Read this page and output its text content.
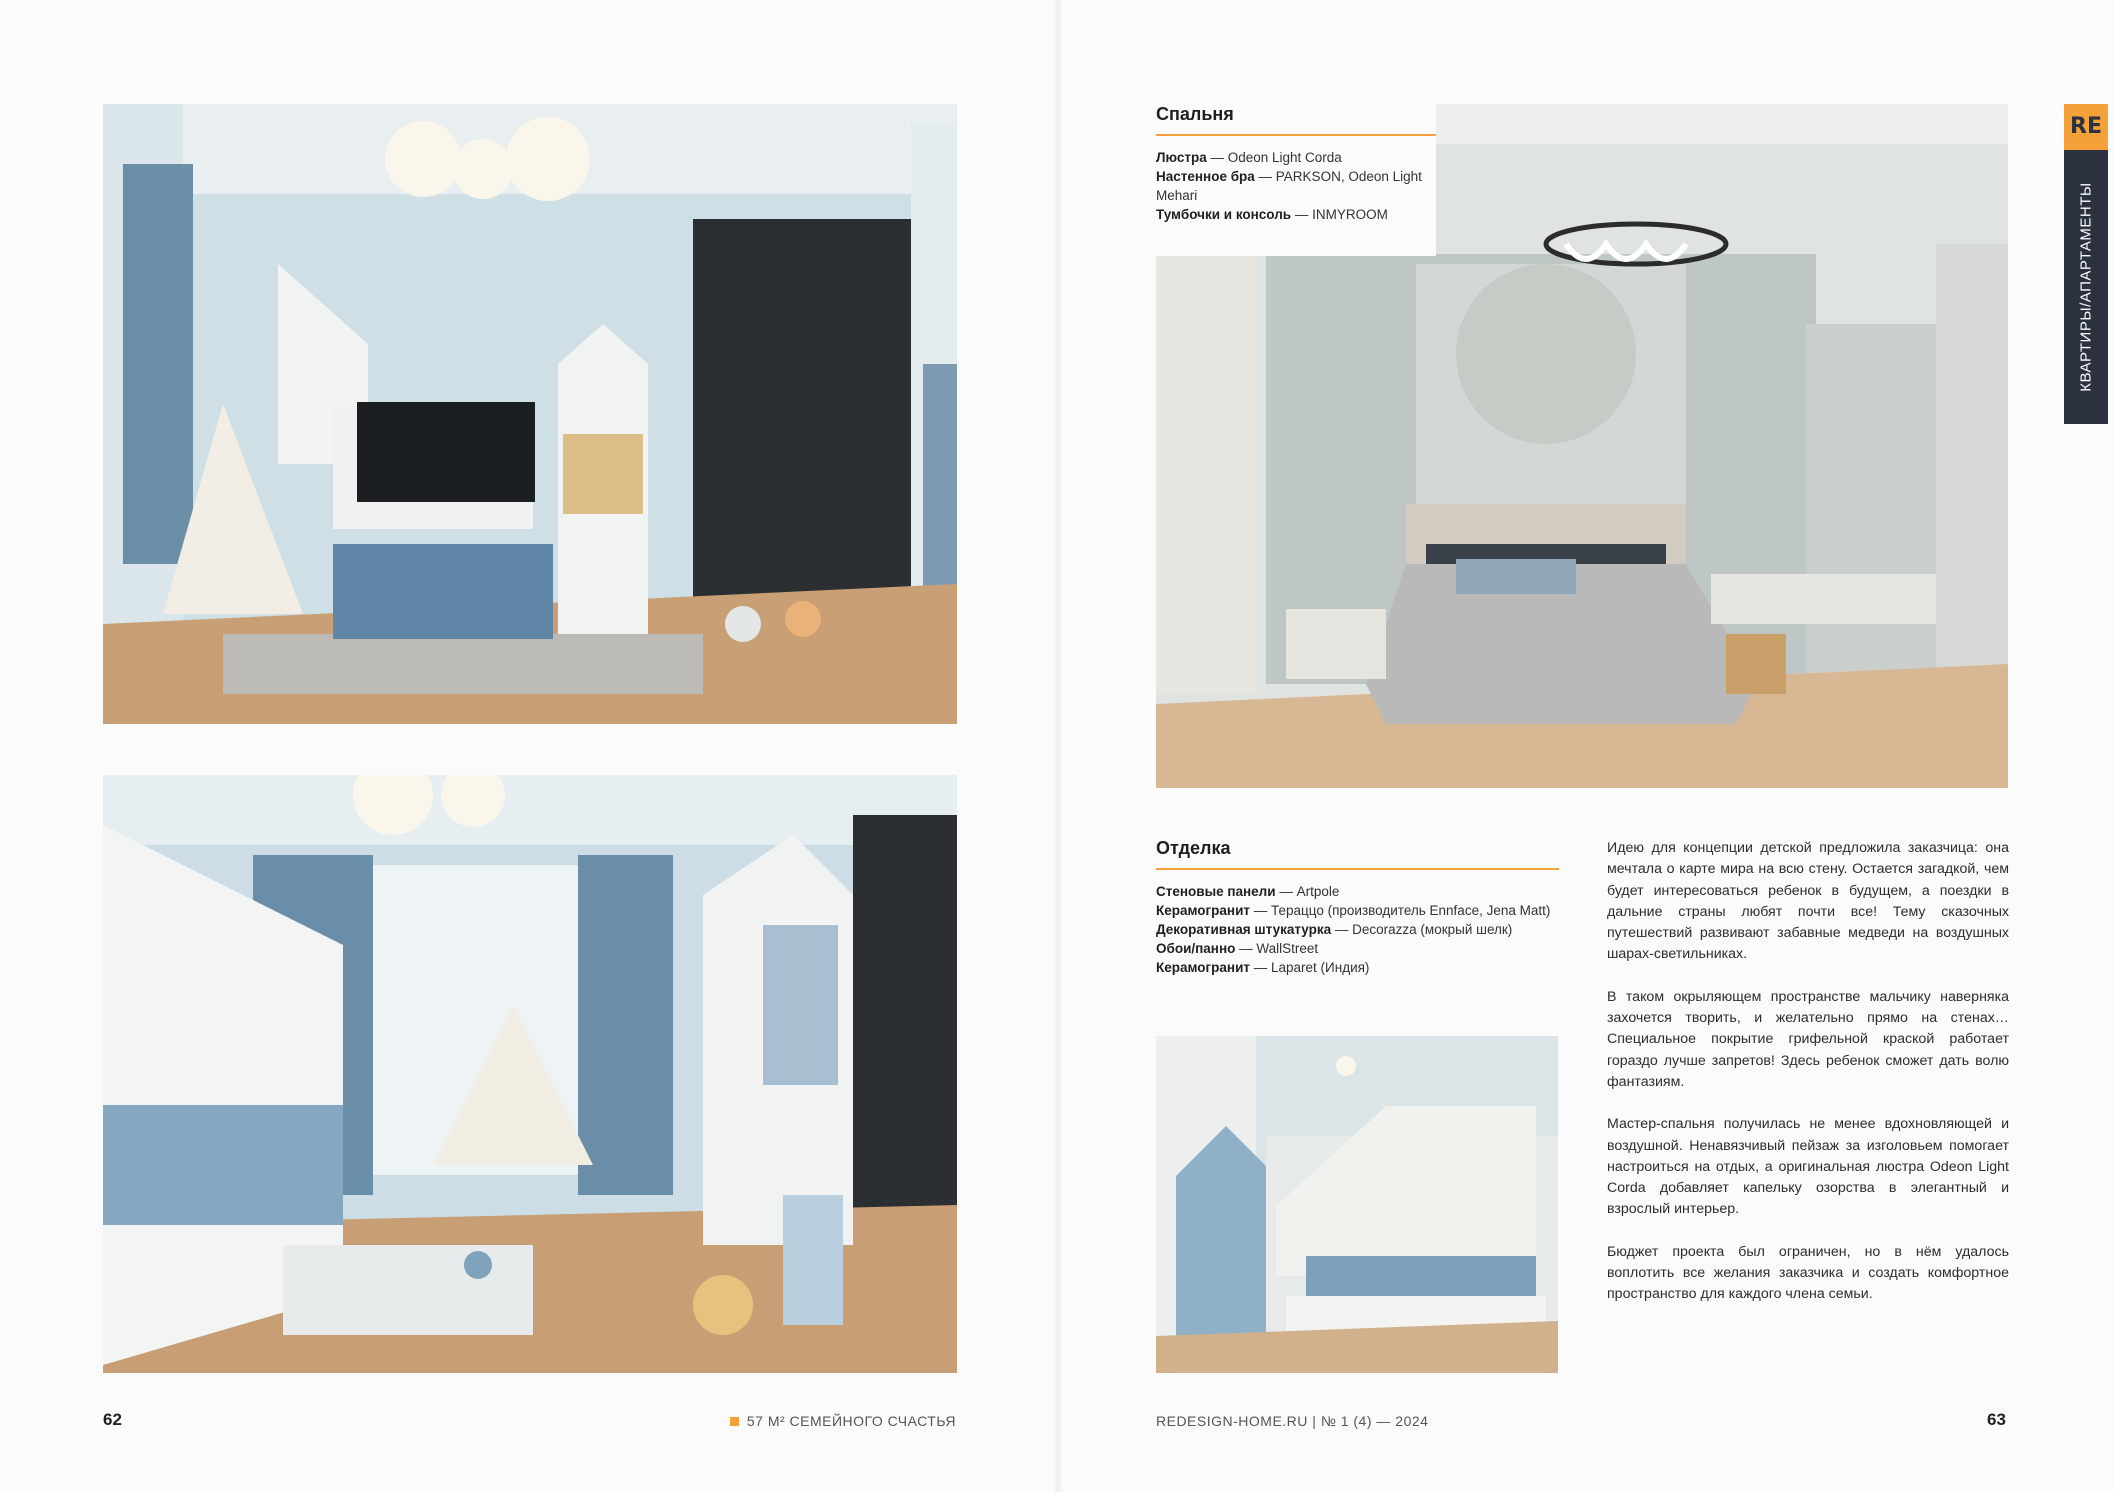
62	57 М² СЕМЕЙНОГО СЧАСТЬЯ
Спальня
Люстра — Odeon Light Corda
Настенное бра — PARKSON, Odeon Light Mehari
Тумбочки и консоль — INMYROOM
Отделка
Стеновые панели — Artpole
Керамогранит — Тераццо (производитель Ennface, Jena Matt)
Декоративная штукатурка — Decorazza (мокрый шелк)
Обои/панно — WallStreet
Керамогранит — Laparet (Индия)

Идею для концепции детской предложила заказчица: она мечтала о карте мира на всю стену. Остается загадкой, чем будет интересоваться ребенок в будущем, а поездки в дальние страны любят почти все! Тему сказочных путешествий развивают забавные медведи на воздушных шарах-светильниках.

В таком окрыляющем пространстве мальчику наверняка захочется творить, и желательно прямо на стенах… Специальное покрытие грифельной краской работает гораздо лучше запретов! Здесь ребенок сможет дать волю фантазиям.

Мастер-спальня получилась не менее вдохновляющей и воздушной. Ненавязчивый пейзаж за изголовьем помогает настроиться на отдых, а оригинальная люстра Odeon Light Corda добавляет капельку озорства в элегантный и взрослый интерьер.

Бюджет проекта был ограничен, но в нём удалось воплотить все желания заказчика и создать комфортное пространство для каждого члена семьи.

RE
КВАРТИРЫ/АПАРТАМЕНТЫ
63
REDESIGN-HOME.RU | № 1 (4) — 2024
